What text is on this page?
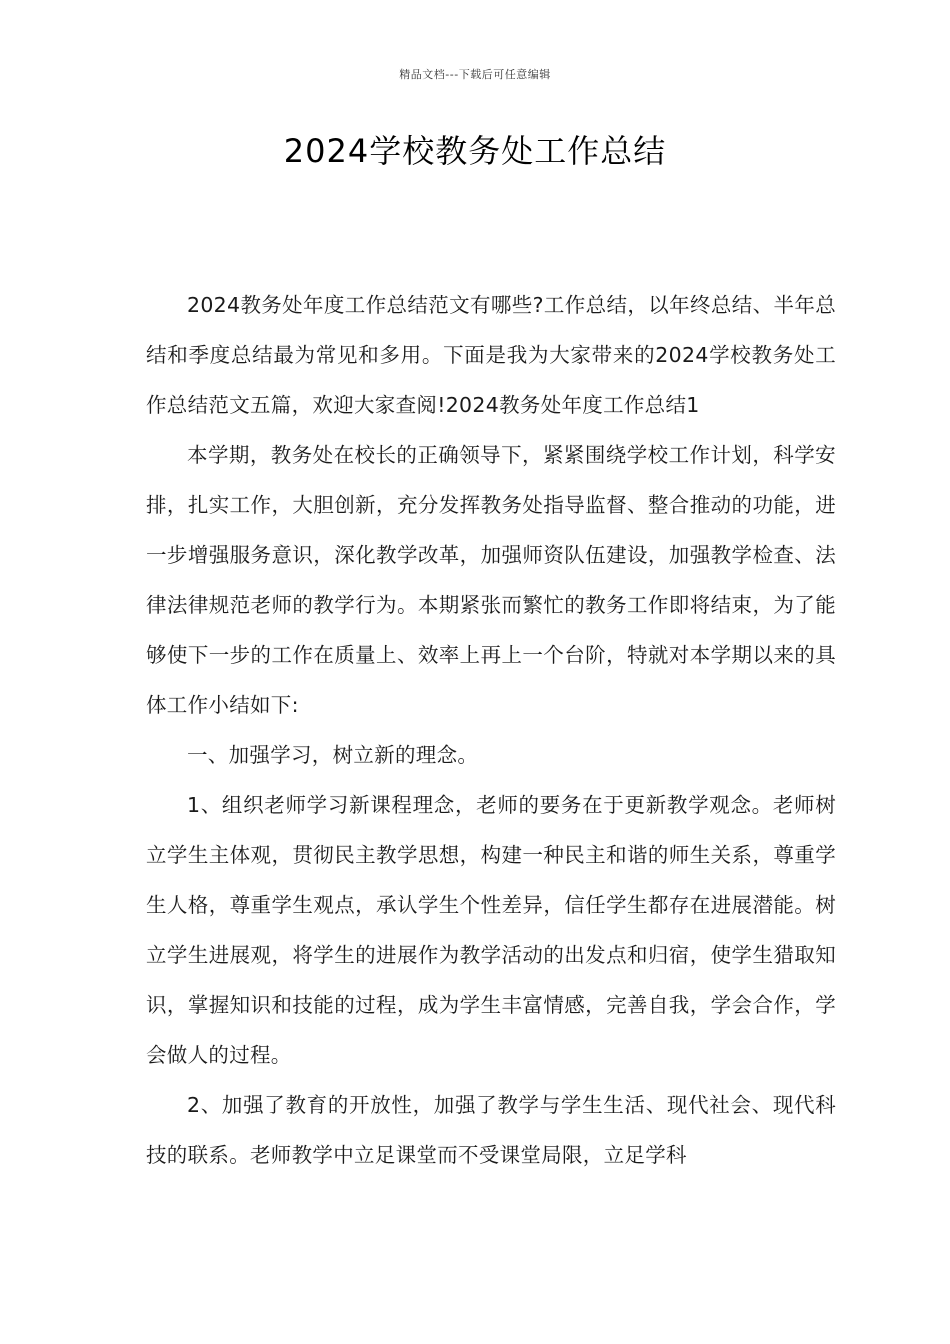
精品文档---下载后可任意编辑
2024学校教务处工作总结

2024教务处年度工作总结范文有哪些?工作总结，以年终总结、半年总结和季度总结最为常见和多用。下面是我为大家带来的2024学校教务处工作总结范文五篇，欢迎大家查阅!2024教务处年度工作总结1

本学期，教务处在校长的正确领导下，紧紧围绕学校工作计划，科学安排，扎实工作，大胆创新，充分发挥教务处指导监督、整合推动的功能，进一步增强服务意识，深化教学改革，加强师资队伍建设，加强教学检查、法律法律规范老师的教学行为。本期紧张而繁忙的教务工作即将结束，为了能够使下一步的工作在质量上、效率上再上一个台阶，特就对本学期以来的具体工作小结如下:

一、加强学习，树立新的理念。

1、组织老师学习新课程理念，老师的要务在于更新教学观念。老师树立学生主体观，贯彻民主教学思想，构建一种民主和谐的师生关系，尊重学生人格，尊重学生观点，承认学生个性差异，信任学生都存在进展潜能。树立学生进展观，将学生的进展作为教学活动的出发点和归宿，使学生猎取知识，掌握知识和技能的过程，成为学生丰富情感，完善自我，学会合作，学会做人的过程。

2、加强了教育的开放性，加强了教学与学生生活、现代社会、现代科技的联系。老师教学中立足课堂而不受课堂局限，立足学科
